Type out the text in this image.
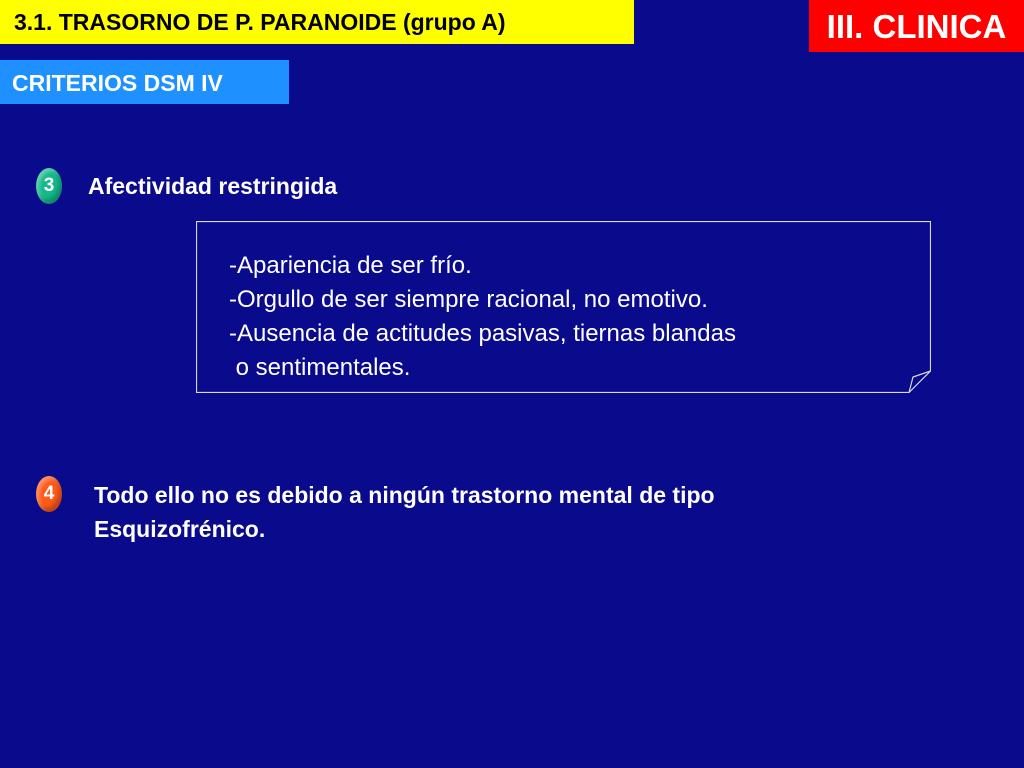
3.1. TRASORNO DE P. PARANOIDE (grupo A)	III. CLINICA
CRITERIOS DSM IV
3	Afectividad restringida
-Apariencia de ser frío.
-Orgullo de ser siempre racional, no emotivo.
-Ausencia de actitudes pasivas, tiernas blandas
o sentimentales.
4	Todo ello no es debido a ningún trastorno mental de tipo
Esquizofrénico.
